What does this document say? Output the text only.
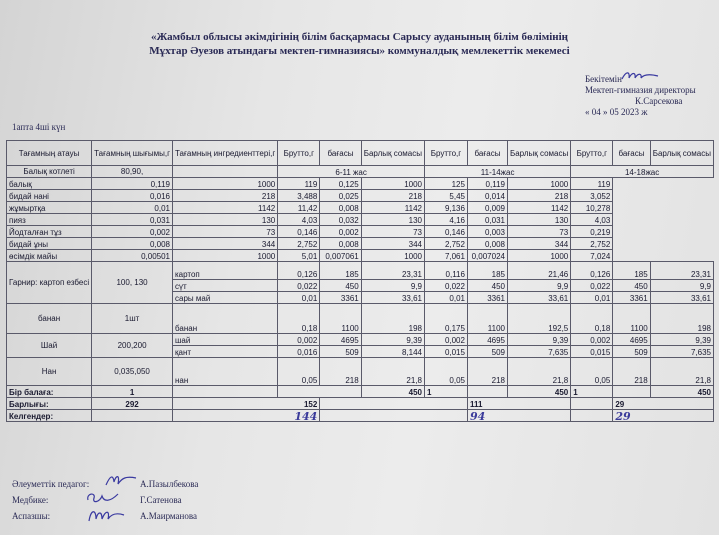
«Жамбыл облысы әкімдігінің білім басқармасы Сарысу ауданының білім бөлімінің
Мұхтар Әуезов атындағы мектеп-гимназиясы» коммуналдық мемлекеттік мекемесі
Бекітемін
Мектеп-гимназия директоры
К.Сарсекова
« 04 » 05 2023 ж
1апта 4ші күн
Тағамның атауы	Тағамның шығымы,г	Тағамның ингредиенттері,г	Брутто,г	бағасы	Барлық сомасы	Брутто,г	бағасы	Барлық сомасы	Брутто,г	бағасы	Барлық сомасы
Балық котлеті	80,90,		6-11 жас			11-14жас			14-18жас		
балық	0,119	1000	119	0,125	1000	125	0,119	1000	119		
бидай нанi	0,016	218	3,488	0,025	218	5,45	0,014	218	3,052		
жұмыртқа	0,01	1142	11,42	0,008	1142	9,136	0,009	1142	10,278		
пияз	0,031	130	4,03	0,032	130	4,16	0,031	130	4,03		
Йодталған тұз	0,002	73	0,146	0,002	73	0,146	0,003	73	0,219		
бидай ұны	0,008	344	2,752	0,008	344	2,752	0,008	344	2,752		
өсімдік майы	0,00501	1000	5,01	0,007061	1000	7,061	0,007024	1000	7,024		
Гарнир: картоп езбесі	100, 130	картоп	0,126	185	23,31	0,116	185	21,46	0,126	185	23,31
		сүт	0,022	450	9,9	0,022	450	9,9	0,022	450	9,9
		сары май	0,01	3361	33,61	0,01	3361	33,61	0,01	3361	33,61
банан	1шт	банан	0,18	1100	198	0,175	1100	192,5	0,18	1100	198
Шай	200,200	шай	0,002	4695	9,39	0,002	4695	9,39	0,002	4695	9,39
		қант	0,016	509	8,144	0,015	509	7,635	0,015	509	7,635
Нан	0,035,050	нан	0,05	218	21,8	0,05	218	21,8	0,05	218	21,8
Бір балаға:	1				450	1		450	1		450
Барлығы:	292	152					111			29	
Келгендер:		144					94			29	
Әлеуметтік педагог:	А.Пазылбекова
Медбике:	Г.Сатенова
Аспазшы:	А.Маирманова
